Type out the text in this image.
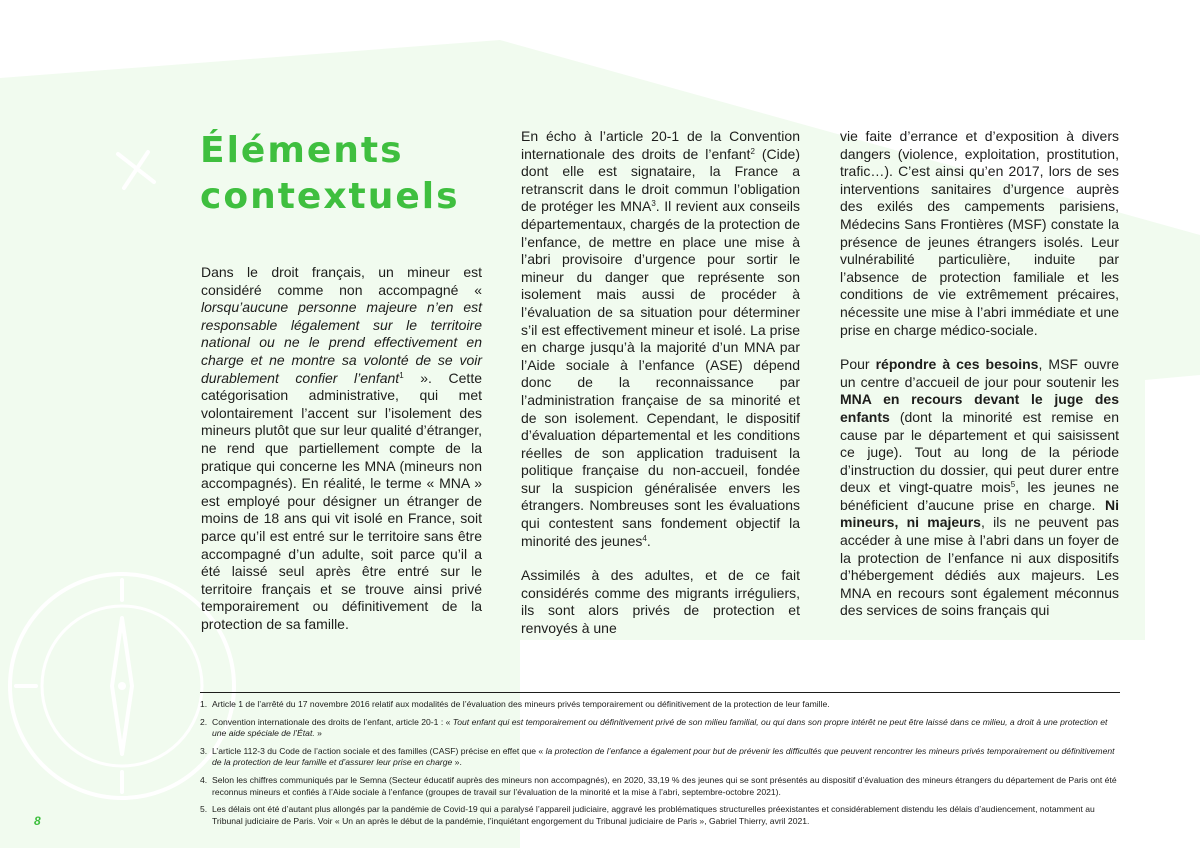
Éléments
contextuels

Dans le droit français, un mineur est considéré comme non accompagné « lorsqu’aucune personne majeure n’en est responsable légalement sur le territoire national ou ne le prend effectivement en charge et ne montre sa volonté de se voir durablement confier l’enfant$^1$ ». Cette catégorisation administrative, qui met volontairement l’accent sur l’isolement des mineurs plutôt que sur leur qualité d’étranger, ne rend que partiellement compte de la pratique qui concerne les MNA (mineurs non accompagnés). En réalité, le terme « MNA » est employé pour désigner un étranger de moins de 18 ans qui vit isolé en France, soit parce qu’il est entré sur le territoire sans être accompagné d’un adulte, soit parce qu’il a été laissé seul après être entré sur le territoire français et se trouve ainsi privé temporairement ou définitivement de la protection de sa famille.

En écho à l’article 20-1 de la Convention internationale des droits de l’enfant$^2$ (Cide) dont elle est signataire, la France a retranscrit dans le droit commun l’obligation de protéger les MNA$^3$. Il revient aux conseils départementaux, chargés de la protection de l’enfance, de mettre en place une mise à l’abri provisoire d’urgence pour sortir le mineur du danger que représente son isolement mais aussi de procéder à l’évaluation de sa situation pour déterminer s’il est effectivement mineur et isolé. La prise en charge jusqu’à la majorité d’un MNA par l’Aide sociale à l’enfance (ASE) dépend donc de la reconnaissance par l’administration française de sa minorité et de son isolement. Cependant, le dispositif d’évaluation départemental et les conditions réelles de son application traduisent la politique française du non-accueil, fondée sur la suspicion généralisée envers les étrangers. Nombreuses sont les évaluations qui contestent sans fondement objectif la minorité des jeunes$^4$.

Assimilés à des adultes, et de ce fait considérés comme des migrants irréguliers, ils sont alors privés de protection et renvoyés à une

vie faite d’errance et d’exposition à divers dangers (violence, exploitation, prostitution, trafic…). C’est ainsi qu’en 2017, lors de ses interventions sanitaires d’urgence auprès des exilés des campements parisiens, Médecins Sans Frontières (MSF) constate la présence de jeunes étrangers isolés. Leur vulnérabilité particulière, induite par l’absence de protection familiale et les conditions de vie extrêmement précaires, nécessite une mise à l’abri immédiate et une prise en charge médico-sociale.

Pour répondre à ces besoins, MSF ouvre un centre d’accueil de jour pour soutenir les MNA en recours devant le juge des enfants (dont la minorité est remise en cause par le département et qui saisissent ce juge). Tout au long de la période d’instruction du dossier, qui peut durer entre deux et vingt-quatre mois$^5$, les jeunes ne bénéficient d’aucune prise en charge. Ni mineurs, ni majeurs, ils ne peuvent pas accéder à une mise à l’abri dans un foyer de la protection de l’enfance ni aux dispositifs d’hébergement dédiés aux majeurs. Les MNA en recours sont également méconnus des services de soins français qui

1. Article 1 de l’arrêté du 17 novembre 2016 relatif aux modalités de l’évaluation des mineurs privés temporairement ou définitivement de la protection de leur famille.
2. Convention internationale des droits de l’enfant, article 20-1 : « Tout enfant qui est temporairement ou définitivement privé de son milieu familial, ou qui dans son propre intérêt ne peut être laissé dans ce milieu, a droit à une protection et une aide spéciale de l’État. »
3. L’article 112-3 du Code de l’action sociale et des familles (CASF) précise en effet que « la protection de l’enfance a également pour but de prévenir les difficultés que peuvent rencontrer les mineurs privés temporairement ou définitivement de la protection de leur famille et d’assurer leur prise en charge ».
4. Selon les chiffres communiqués par le Semna (Secteur éducatif auprès des mineurs non accompagnés), en 2020, 33,19 % des jeunes qui se sont présentés au dispositif d’évaluation des mineurs étrangers du département de Paris ont été reconnus mineurs et confiés à l’Aide sociale à l’enfance (groupes de travail sur l’évaluation de la minorité et la mise à l’abri, septembre-octobre 2021).
5. Les délais ont été d’autant plus allongés par la pandémie de Covid-19 qui a paralysé l’appareil judiciaire, aggravé les problématiques structurelles préexistantes et considérablement distendu les délais d’audiencement, notamment au Tribunal judiciaire de Paris. Voir « Un an après le début de la pandémie, l’inquiétant engorgement du Tribunal judiciaire de Paris », Gabriel Thierry, avril 2021.
8
